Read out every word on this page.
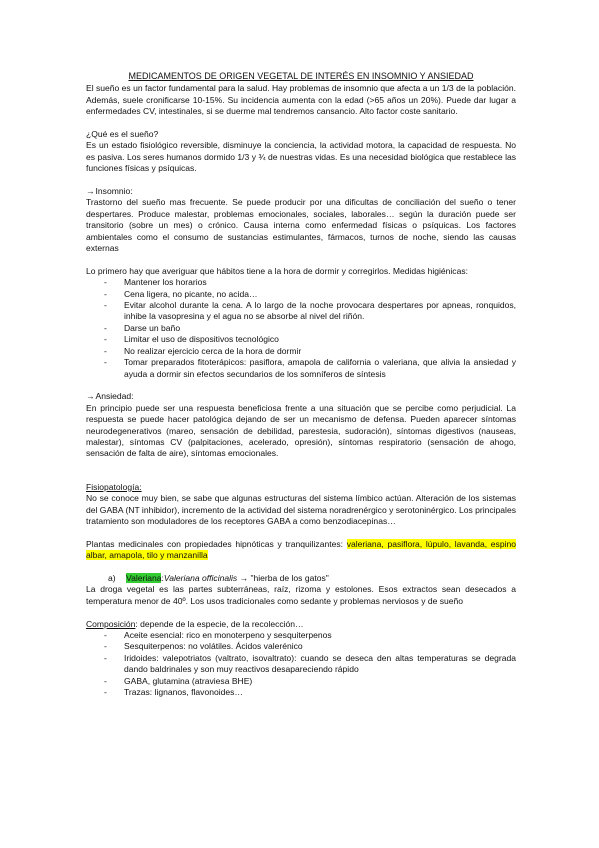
MEDICAMENTOS DE ORIGEN VEGETAL DE INTERÉS EN INSOMNIO Y ANSIEDAD

El sueño es un factor fundamental para la salud. Hay problemas de insomnio que afecta a un 1/3 de la población. Además, suele cronificarse 10-15%. Su incidencia aumenta con la edad (>65 años un 20%). Puede dar lugar a enfermedades CV, intestinales, si se duerme mal tendremos cansancio. Alto factor coste sanitario.

¿Qué es el sueño?

Es un estado fisiológico reversible, disminuye la conciencia, la actividad motora, la capacidad de respuesta. No es pasiva. Los seres humanos dormido 1/3 y ¾ de nuestras vidas. Es una necesidad biológica que restablece las funciones físicas y psíquicas.

→Insomnio:

Trastorno del sueño mas frecuente. Se puede producir por una dificultas de conciliación del sueño o tener despertares. Produce malestar, problemas emocionales, sociales, laborales… según la duración puede ser transitorio (sobre un mes) o crónico. Causa interna como enfermedad físicas o psíquicas. Los factores ambientales como el consumo de sustancias estimulantes, fármacos, turnos de noche, siendo las causas externas

Lo primero hay que averiguar que hábitos tiene a la hora de dormir y corregirlos. Medidas higiénicas:

- Mantener los horarios
- Cena ligera, no picante, no acida…
- Evitar alcohol durante la cena. A lo largo de la noche provocara despertares por apneas, ronquidos, inhibe la vasopresina y el agua no se absorbe al nivel del riñón.
- Darse un baño
- Limitar el uso de dispositivos tecnológico
- No realizar ejercicio cerca de la hora de dormir
- Tomar preparados fitoterápicos: pasiflora, amapola de california o valeriana, que alivia la ansiedad y ayuda a dormir sin efectos secundarios de los somníferos de síntesis

→Ansiedad:

En principio puede ser una respuesta beneficiosa frente a una situación que se percibe como perjudicial. La respuesta se puede hacer patológica dejando de ser un mecanismo de defensa. Pueden aparecer síntomas neurodegenerativos (mareo, sensación de debilidad, parestesia, sudoración), síntomas digestivos (nauseas, malestar), síntomas CV (palpitaciones, acelerado, opresión), síntomas respiratorio (sensación de ahogo, sensación de falta de aire), síntomas emocionales.

Fisiopatología:

No se conoce muy bien, se sabe que algunas estructuras del sistema límbico actúan. Alteración de los sistemas del GABA (NT inhibidor), incremento de la actividad del sistema noradrenérgico y serotoninérgico. Los principales tratamiento son moduladores de los receptores GABA a como benzodiacepinas…

Plantas medicinales con propiedades hipnóticas y tranquilizantes: valeriana, pasiflora, lúpulo, lavanda, espino albar, amapola, tilo y manzanilla

a) Valeriana:Valeriana officinalis → "hierba de los gatos"

La droga vegetal es las partes subterráneas, raíz, rizoma y estolones. Esos extractos sean desecados a temperatura menor de 40º. Los usos tradicionales como sedante y problemas nerviosos y de sueño

Composición: depende de la especie, de la recolección…

- Aceite esencial: rico en monoterpeno y sesquiterpenos
- Sesquiterpenos: no volátiles. Ácidos valerénico
- Iridoides: valepotriatos (valtrato, isovaltrato): cuando se deseca den altas temperaturas se degrada dando baldrinales y son muy reactivos desapareciendo rápido
- GABA, glutamina (atraviesa BHE)
- Trazas: lignanos, flavonoides…
